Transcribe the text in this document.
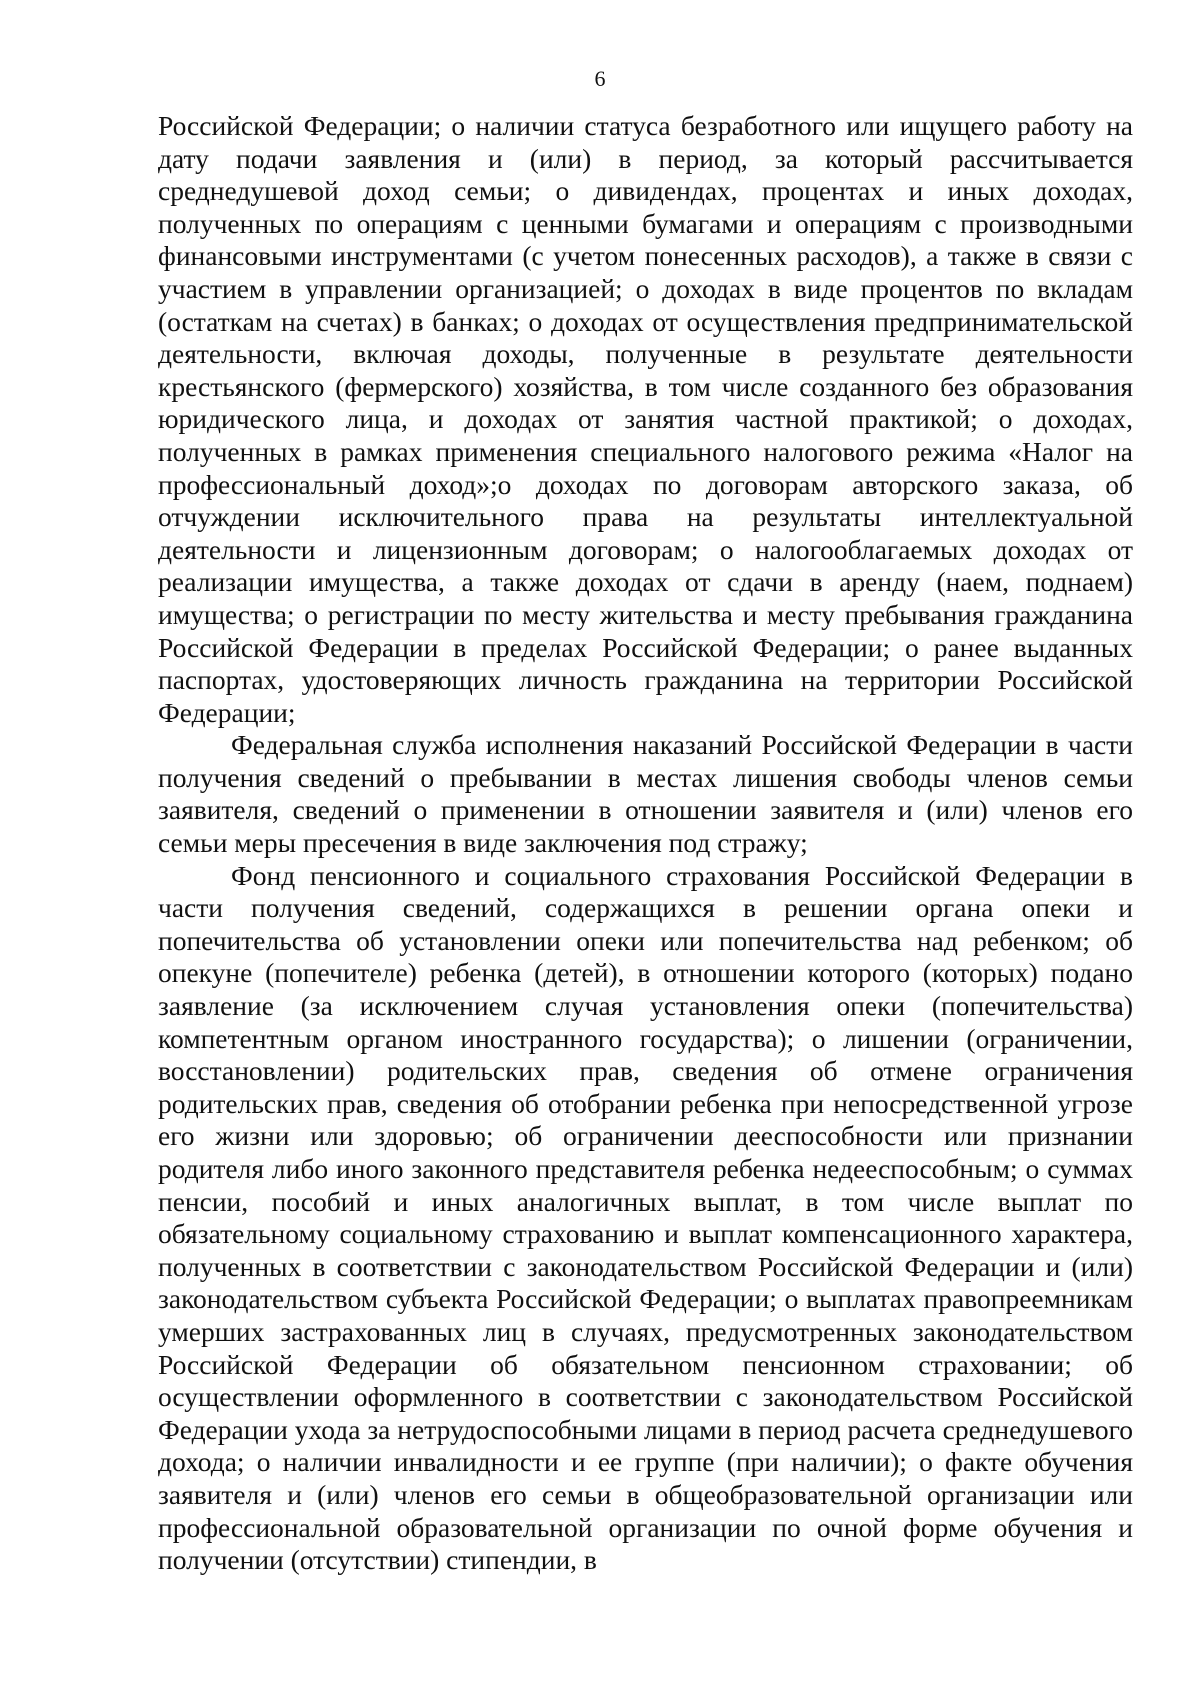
6

Российской Федерации; о наличии статуса безработного или ищущего работу на дату подачи заявления и (или) в период, за который рассчитывается среднедушевой доход семьи; о дивидендах, процентах и иных доходах, полученных по операциям с ценными бумагами и операциям с производными финансовыми инструментами (с учетом понесенных расходов), а также в связи с участием в управлении организацией; о доходах в виде процентов по вкладам (остаткам на счетах) в банках; о доходах от осуществления предпринимательской деятельности, включая доходы, полученные в результате деятельности крестьянского (фермерского) хозяйства, в том числе созданного без образования юридического лица, и доходах от занятия частной практикой; о доходах, полученных в рамках применения специального налогового режима «Налог на профессиональный доход»;о доходах по договорам авторского заказа, об отчуждении исключительного права на результаты интеллектуальной деятельности и лицензионным договорам; о налогооблагаемых доходах от реализации имущества, а также доходах от сдачи в аренду (наем, поднаем) имущества; о регистрации по месту жительства и месту пребывания гражданина Российской Федерации в пределах Российской Федерации; о ранее выданных паспортах, удостоверяющих личность гражданина на территории Российской Федерации;

Федеральная служба исполнения наказаний Российской Федерации в части получения сведений о пребывании в местах лишения свободы членов семьи заявителя, сведений о применении в отношении заявителя и (или) членов его семьи меры пресечения в виде заключения под стражу;

Фонд пенсионного и социального страхования Российской Федерации в части получения сведений, содержащихся в решении органа опеки и попечительства об установлении опеки или попечительства над ребенком; об опекуне (попечителе) ребенка (детей), в отношении которого (которых) подано заявление (за исключением случая установления опеки (попечительства) компетентным органом иностранного государства); о лишении (ограничении, восстановлении) родительских прав, сведения об отмене ограничения родительских прав, сведения об отобрании ребенка при непосредственной угрозе его жизни или здоровью; об ограничении дееспособности или признании родителя либо иного законного представителя ребенка недееспособным; о суммах пенсии, пособий и иных аналогичных выплат, в том числе выплат по обязательному социальному страхованию и выплат компенсационного характера, полученных в соответствии с законодательством Российской Федерации и (или) законодательством субъекта Российской Федерации; о выплатах правопреемникам умерших застрахованных лиц в случаях, предусмотренных законодательством Российской Федерации об обязательном пенсионном страховании; об осуществлении оформленного в соответствии с законодательством Российской Федерации ухода за нетрудоспособными лицами в период расчета среднедушевого дохода; о наличии инвалидности и ее группе (при наличии); о факте обучения заявителя и (или) членов его семьи в общеобразовательной организации или профессиональной образовательной организации по очной форме обучения и получении (отсутствии) стипендии, в
